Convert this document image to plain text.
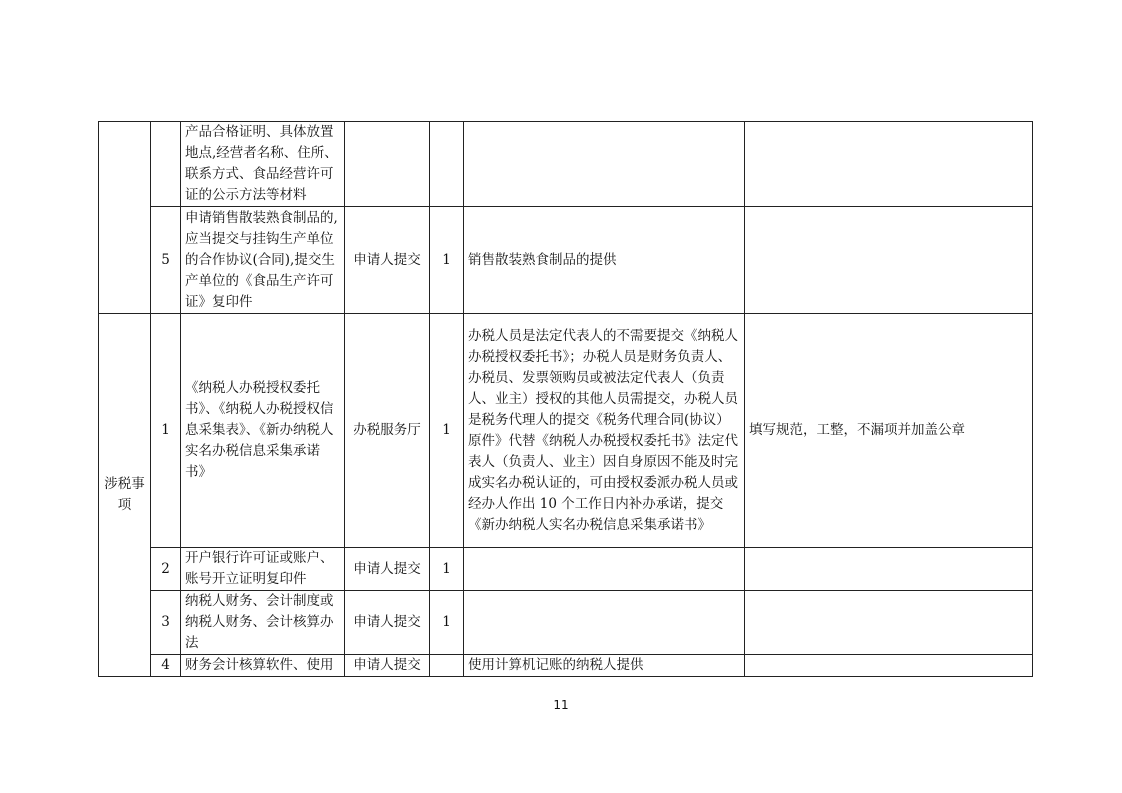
		产品合格证明、具体放置地点,经营者名称、住所、联系方式、食品经营许可证的公示方法等材料				
	5	申请销售散装熟食制品的,应当提交与挂钩生产单位的合作协议(合同),提交生产单位的《食品生产许可证》复印件	申请人提交	1	销售散装熟食制品的提供	
涉税事项	1	《纳税人办税授权委托书》、《纳税人办税授权信息采集表》、《新办纳税人实名办税信息采集承诺书》	办税服务厅	1	办税人员是法定代表人的不需要提交《纳税人办税授权委托书》；办税人员是财务负责人、办税员、发票领购员或被法定代表人（负责人、业主）授权的其他人员需提交，办税人员是税务代理人的提交《税务代理合同(协议）原件》代替《纳税人办税授权委托书》法定代表人（负责人、业主）因自身原因不能及时完成实名办税认证的，可由授权委派办税人员或经办人作出 10 个工作日内补办承诺，提交《新办纳税人实名办税信息采集承诺书》	填写规范，工整，不漏项并加盖公章
	2	开户银行许可证或账户、账号开立证明复印件	申请人提交	1		
	3	纳税人财务、会计制度或纳税人财务、会计核算办法	申请人提交	1		
	4	财务会计核算软件、使用	申请人提交		使用计算机记账的纳税人提供	
11
